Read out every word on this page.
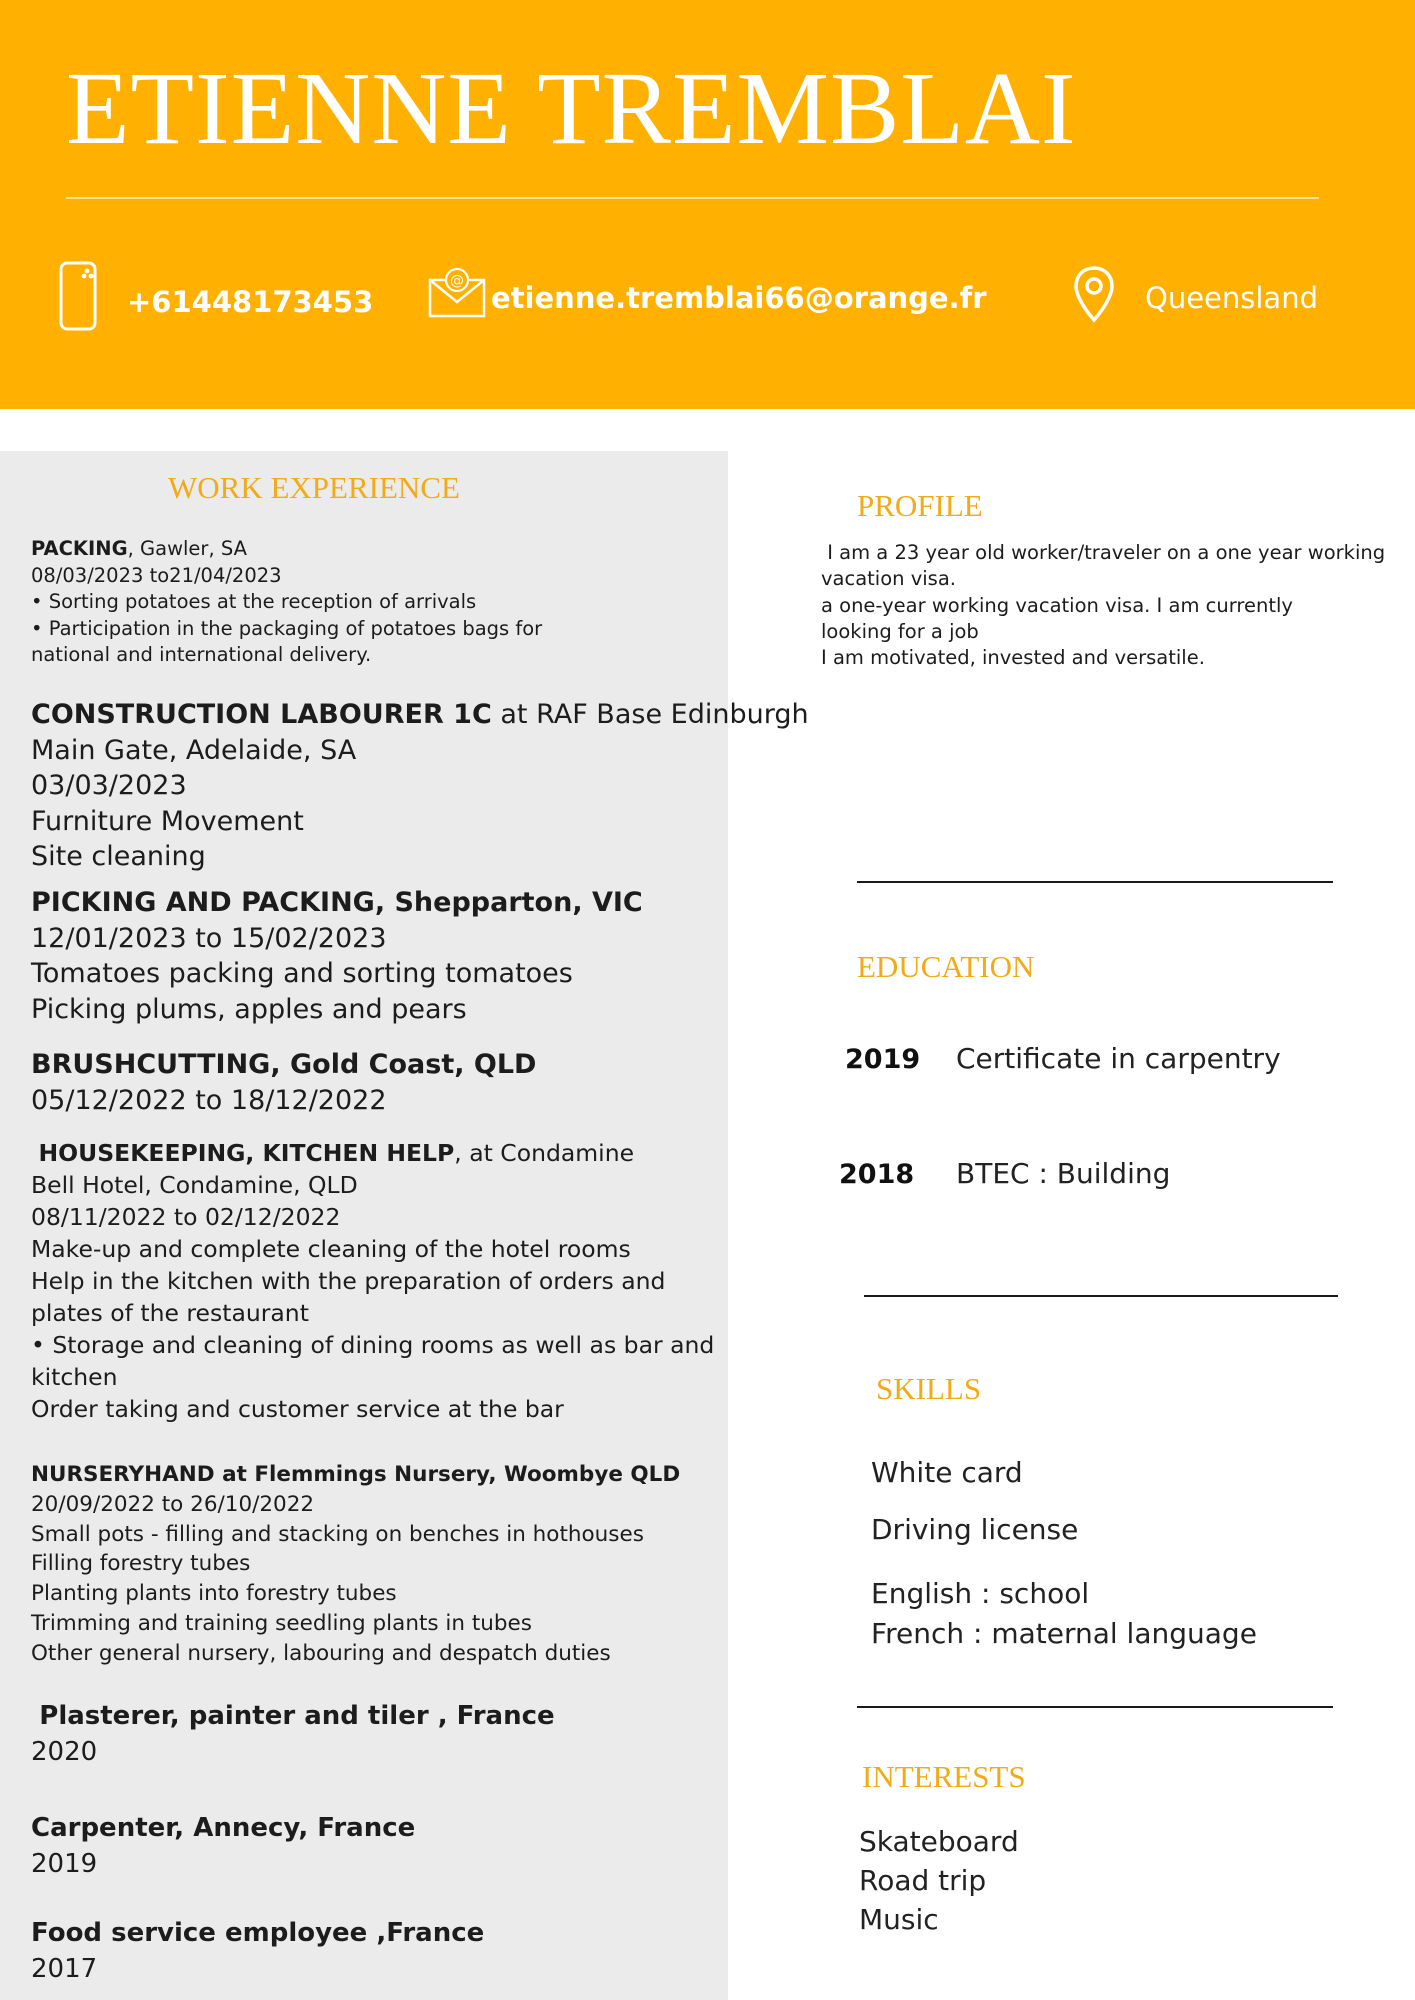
ETIENNE TREMBLAI
+61448173453
@ etienne.tremblai66@orange.fr	Queensland
WORK EXPERIENCE

PACKING, Gawler, SA

08/03/2023 to21/04/2023

• Sorting potatoes at the reception of arrivals

• Participation in the packaging of potatoes bags for

national and international delivery.

CONSTRUCTION LABOURER 1C at RAF Base Edinburgh

Main Gate, Adelaide, SA

03/03/2023

Furniture Movement

Site cleaning

PICKING AND PACKING, Shepparton, VIC

12/01/2023 to 15/02/2023

Tomatoes packing and sorting tomatoes

Picking plums, apples and pears

BRUSHCUTTING, Gold Coast, QLD

05/12/2022 to 18/12/2022

HOUSEKEEPING, KITCHEN HELP, at Condamine

Bell Hotel, Condamine, QLD

08/11/2022 to 02/12/2022

Make-up and complete cleaning of the hotel rooms

Help in the kitchen with the preparation of orders and

plates of the restaurant

• Storage and cleaning of dining rooms as well as bar and

kitchen

Order taking and customer service at the bar

NURSERYHAND at Flemmings Nursery, Woombye QLD

20/09/2022 to 26/10/2022

Small pots - filling and stacking on benches in hothouses

Filling forestry tubes

Planting plants into forestry tubes

Trimming and training seedling plants in tubes

Other general nursery, labouring and despatch duties

Plasterer, painter and tiler , France

2020

Carpenter, Annecy, France

2019

Food service employee ,France

2017

PROFILE

I am a 23 year old worker/traveler on a one year working

vacation visa.

a one-year working vacation visa. I am currently

looking for a job

I am motivated, invested and versatile.

EDUCATION

2019 Certificate in carpentry

2018 BTEC : Building

SKILLS

White card

Driving license

English : school

French : maternal language

INTERESTS

Skateboard

Road trip

Music
